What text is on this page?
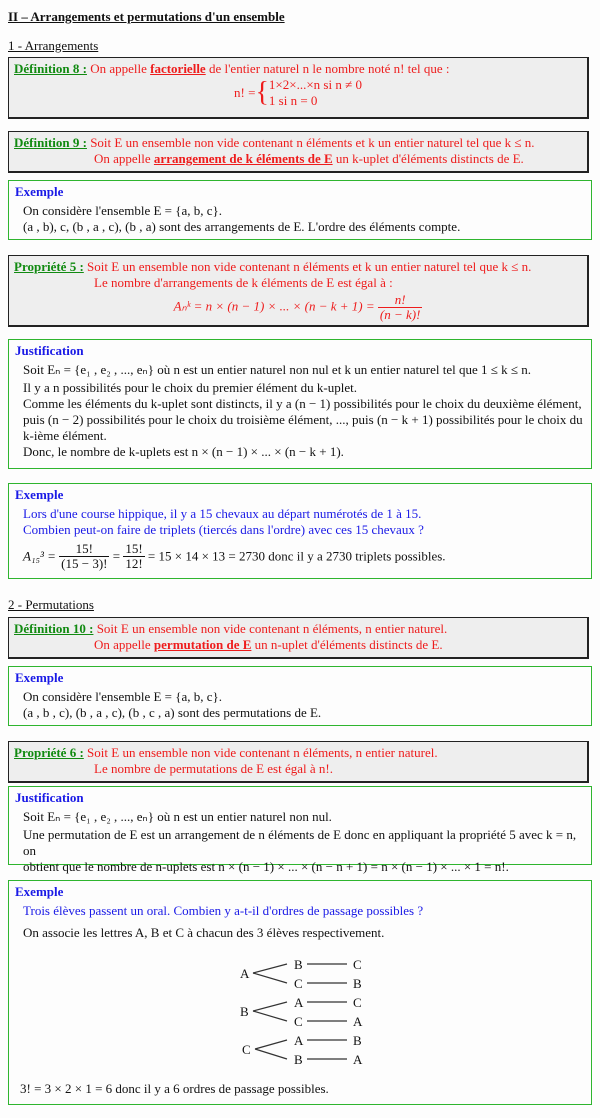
II – Arrangements et permutations d'un ensemble
1 - Arrangements
Définition 8 : On appelle factorielle de l'entier naturel n le nombre noté n! tel que :
n! ={ 1×2×...×n si n ≠ 0
1 si n = 0
Définition 9 : Soit E un ensemble non vide contenant n éléments et k un entier naturel tel que k ≤ n.
On appelle arrangement de k éléments de E un k-uplet d'éléments distincts de E.
Exemple
On considère l'ensemble E = {a, b, c}.
(a , b), c, (b , a , c), (b , a) sont des arrangements de E. L'ordre des éléments compte.
Propriété 5 : Soit E un ensemble non vide contenant n éléments et k un entier naturel tel que k ≤ n.
Le nombre d'arrangements de k éléments de E est égal à :
Aₙᵏ = n × (n − 1) × ... × $(n - k + 1) = \frac{n!}{(n - k)!}$
Justification
Soit Eₙ = {e₁ , e₂ , ..., eₙ} où n est un entier naturel non nul et k un entier naturel tel que 1 ≤ k ≤ n.
Il y a n possibilités pour le choix du premier élément du k-uplet.
Comme les éléments du k-uplet sont distincts, il y a (n − 1) possibilités pour le choix du deuxième élément,
puis (n − 2) possibilités pour le choix du troisième élément, ..., puis (n − k + 1) possibilités pour le choix du
k-ième élément.
Donc, le nombre de k-uplets est n × (n − 1) × ... × (n − k + 1).
Exemple
Lors d'une course hippique, il y a 15 chevaux au départ numérotés de 1 à 15.
Combien peut-on faire de triplets (tiercés dans l'ordre) avec ces 15 chevaux ?
$A_{15}^3 = \frac{15!}{(15 - 3)!} = \frac{15!}{12!} = 15 \times 14 \times 13 = 2730$ donc il y a 2730 triplets possibles.
2 - Permutations
Définition 10 : Soit E un ensemble non vide contenant n éléments, n entier naturel.
On appelle permutation de E un n-uplet d'éléments distincts de E.
Exemple
On considère l'ensemble E = {a, b, c}.
(a , b , c), (b , a , c), (b , c , a) sont des permutations de E.
Propriété 6 : Soit E un ensemble non vide contenant n éléments, n entier naturel.
Le nombre de permutations de E est égal à n!.
Justification
Soit Eₙ = {e₁ , e₂ , ..., eₙ} où n est un entier naturel non nul.
Une permutation de E est un arrangement de n éléments de E donc en appliquant la propriété 5 avec k = n, on
obtient que le nombre de n-uplets est n × (n − 1) × ... × (n − n + 1) = n × (n − 1) × ... × 1 = n!.
Exemple
Trois élèves passent un oral. Combien y a-t-il d'ordres de passage possibles ?
On associe les lettres A, B et C à chacun des 3 élèves respectivement.
A
B
C
C
B
B
A
C
C
A
C
A
B
B
A
3! = 3 × 2 × 1 = 6 donc il y a 6 ordres de passage possibles.
